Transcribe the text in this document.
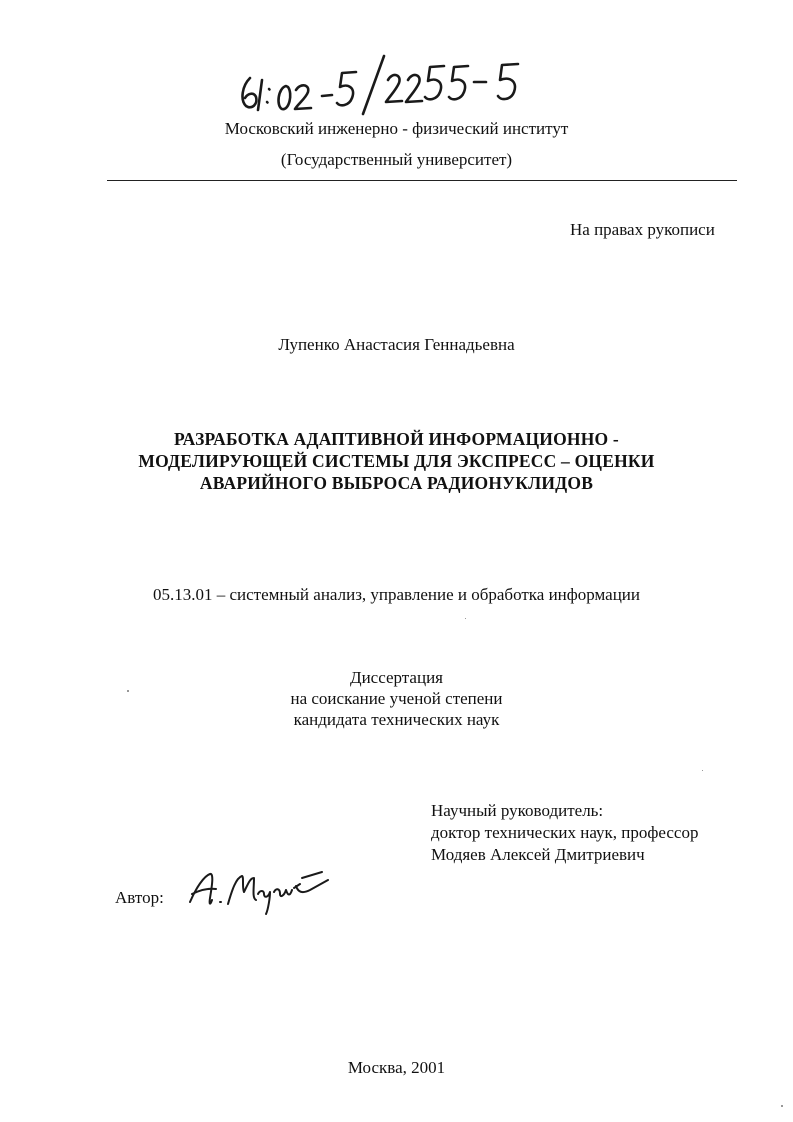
Московский инженерно - физический институт
(Государственный университет)
На правах рукописи
Лупенко Анастасия Геннадьевна
РАЗРАБОТКА АДАПТИВНОЙ ИНФОРМАЦИОННО -
МОДЕЛИРУЮЩЕЙ СИСТЕМЫ ДЛЯ ЭКСПРЕСС – ОЦЕНКИ
АВАРИЙНОГО ВЫБРОСА РАДИОНУКЛИДОВ
05.13.01 – системный анализ, управление и обработка информации
Диссертация
на соискание ученой степени
кандидата технических наук
Научный руководитель:
доктор технических наук, профессор
Модяев Алексей Дмитриевич
Автор:
Москва, 2001
